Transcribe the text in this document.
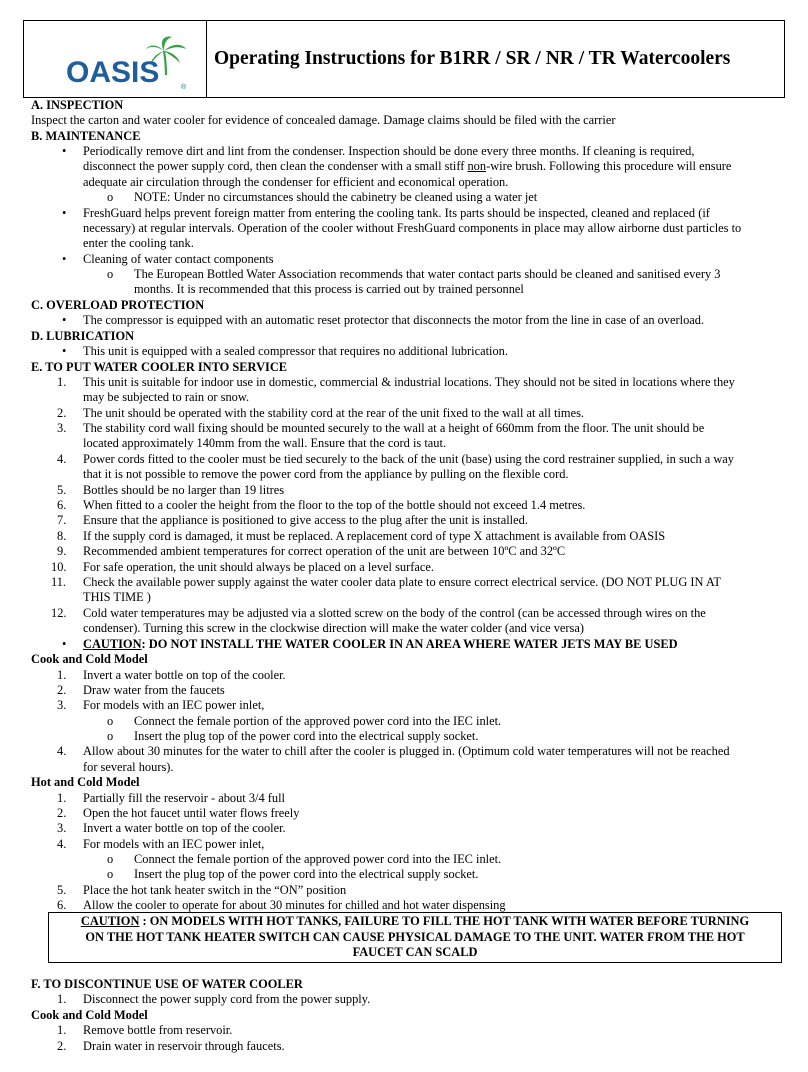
OASIS	®
Operating Instructions for B1RR / SR / NR / TR Watercoolers
A. INSPECTION
Inspect the carton and water cooler for evidence of concealed damage. Damage claims should be filed with the carrier
B. MAINTENANCE
• Periodically remove dirt and lint from the condenser. Inspection should be done every three months. If cleaning is required,
disconnect the power supply cord, then clean the condenser with a small stiff non-wire brush. Following this procedure will ensure
adequate air circulation through the condenser for efficient and economical operation.
o NOTE: Under no circumstances should the cabinetry be cleaned using a water jet
• FreshGuard helps prevent foreign matter from entering the cooling tank. Its parts should be inspected, cleaned and replaced (if
necessary) at regular intervals. Operation of the cooler without FreshGuard components in place may allow airborne dust particles to
enter the cooling tank.
• Cleaning of water contact components
o The European Bottled Water Association recommends that water contact parts should be cleaned and sanitised every 3
months. It is recommended that this process is carried out by trained personnel
C. OVERLOAD PROTECTION
• The compressor is equipped with an automatic reset protector that disconnects the motor from the line in case of an overload.
D. LUBRICATION
• This unit is equipped with a sealed compressor that requires no additional lubrication.
E. TO PUT WATER COOLER INTO SERVICE
1. This unit is suitable for indoor use in domestic, commercial & industrial locations. They should not be sited in locations where they
may be subjected to rain or snow.
2. The unit should be operated with the stability cord at the rear of the unit fixed to the wall at all times.
3. The stability cord wall fixing should be mounted securely to the wall at a height of 660mm from the floor. The unit should be
located approximately 140mm from the wall. Ensure that the cord is taut.
4. Power cords fitted to the cooler must be tied securely to the back of the unit (base) using the cord restrainer supplied, in such a way
that it is not possible to remove the power cord from the appliance by pulling on the flexible cord.
5. Bottles should be no larger than 19 litres
6. When fitted to a cooler the height from the floor to the top of the bottle should not exceed 1.4 metres.
7. Ensure that the appliance is positioned to give access to the plug after the unit is installed.
8. If the supply cord is damaged, it must be replaced. A replacement cord of type X attachment is available from OASIS
9. Recommended ambient temperatures for correct operation of the unit are between 10ºC and 32ºC
10. For safe operation, the unit should always be placed on a level surface.
11. Check the available power supply against the water cooler data plate to ensure correct electrical service. (DO NOT PLUG IN AT
THIS TIME )
12. Cold water temperatures may be adjusted via a slotted screw on the body of the control (can be accessed through wires on the
condenser). Turning this screw in the clockwise direction will make the water colder (and vice versa)
• CAUTION: DO NOT INSTALL THE WATER COOLER IN AN AREA WHERE WATER JETS MAY BE USED
Cook and Cold Model
1. Invert a water bottle on top of the cooler.
2. Draw water from the faucets
3. For models with an IEC power inlet,
o Connect the female portion of the approved power cord into the IEC inlet.
o Insert the plug top of the power cord into the electrical supply socket.
4. Allow about 30 minutes for the water to chill after the cooler is plugged in. (Optimum cold water temperatures will not be reached
for several hours).
Hot and Cold Model
1. Partially fill the reservoir - about 3/4 full
2. Open the hot faucet until water flows freely
3. Invert a water bottle on top of the cooler.
4. For models with an IEC power inlet,
o Connect the female portion of the approved power cord into the IEC inlet.
o Insert the plug top of the power cord into the electrical supply socket.
5. Place the hot tank heater switch in the “ON” position
6. Allow the cooler to operate for about 30 minutes for chilled and hot water dispensing
CAUTION : ON MODELS WITH HOT TANKS, FAILURE TO FILL THE HOT TANK WITH WATER BEFORE TURNING
ON THE HOT TANK HEATER SWITCH CAN CAUSE PHYSICAL DAMAGE TO THE UNIT. WATER FROM THE HOT
FAUCET CAN SCALD
F. TO DISCONTINUE USE OF WATER COOLER
1. Disconnect the power supply cord from the power supply.
Cook and Cold Model
1. Remove bottle from reservoir.
2. Drain water in reservoir through faucets.
